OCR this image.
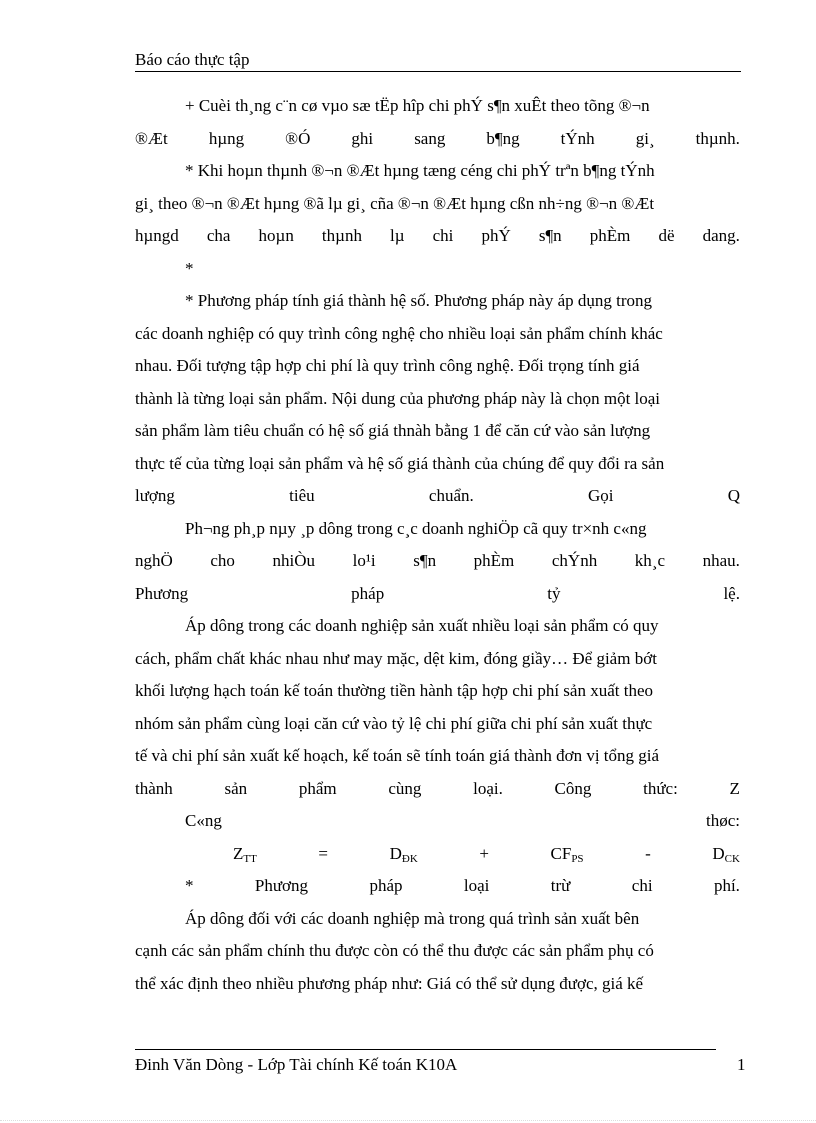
Báo cáo thực tập
+ Cuèi th¸ng c¨n cø vµo sæ tËp hîp chi phÝ s¶n xuÊt theo tõng ®¬n
®Æt hµng ®Ó ghi sang b¶ng tÝnh gi¸ thµnh.
* Khi hoµn thµnh ®¬n ®Æt hµng tæng céng chi phÝ trªn b¶ng tÝnh
gi¸ theo ®¬n ®Æt hµng ®ã lµ gi¸ cña ®¬n ®Æt hµng cßn nh÷ng ®¬n ®Æt
hµngd cha hoµn thµnh lµ chi phÝ s¶n phÈm dë dang.
*
* Phương pháp tính giá thành hệ số. Phương pháp này áp dụng trong
các doanh nghiệp có quy trình công nghệ cho nhiều loại sản phẩm chính khác
nhau. Đối tượng tập hợp chi phí là quy trình công nghệ. Đối trọng tính giá
thành là từng loại sản phẩm. Nội dung của phương pháp này là chọn một loại
sản phẩm làm tiêu chuẩn có hệ số giá thnàh bằng 1 để căn cứ vào sản lượng
thực tế của từng loại sản phẩm và hệ số giá thành của chúng để quy đổi ra sản
lượng	tiêu	chuẩn.	Gọi	Q
Ph¬ng ph¸p nµy ¸p dông trong c¸c doanh nghiÖp cã quy tr×nh c«ng
nghÖ cho nhiÒu lo¹i s¶n phÈm chÝnh kh¸c nhau.
Phương	pháp	tỷ	lệ.
Áp dông trong các doanh nghiệp sản xuất nhiều loại sản phẩm có quy
cách, phẩm chất khác nhau như may mặc, dệt kim, đóng giầy… Để giảm bớt
khối lượng hạch toán kế toán thường tiền hành tập hợp chi phí sản xuất theo
nhóm sản phẩm cùng loại căn cứ vào tỷ lệ chi phí giữa chi phí sản xuất thực
tế và chi phí sản xuất kế hoạch, kế toán sẽ tính toán giá thành đơn vị tổng giá
thành	sản	phẩm	cùng	loại.	Công	thức:	Z
C«ng	thøc:
$Z_{TT}$	=	$D_{ĐK}$	+	$CF_{PS}$	-	$D_{CK}$
*	Phương	pháp	loại	trừ	chi	phí.
Áp dông đối với các doanh nghiệp mà trong quá trình sản xuất bên
cạnh các sản phẩm chính thu được còn có thể thu được các sản phẩm phụ có
thể xác định theo nhiều phương pháp như: Giá có thể sử dụng được, giá kế
Đinh Văn Dòng - Lớp Tài chính Kế toán K10A	1
